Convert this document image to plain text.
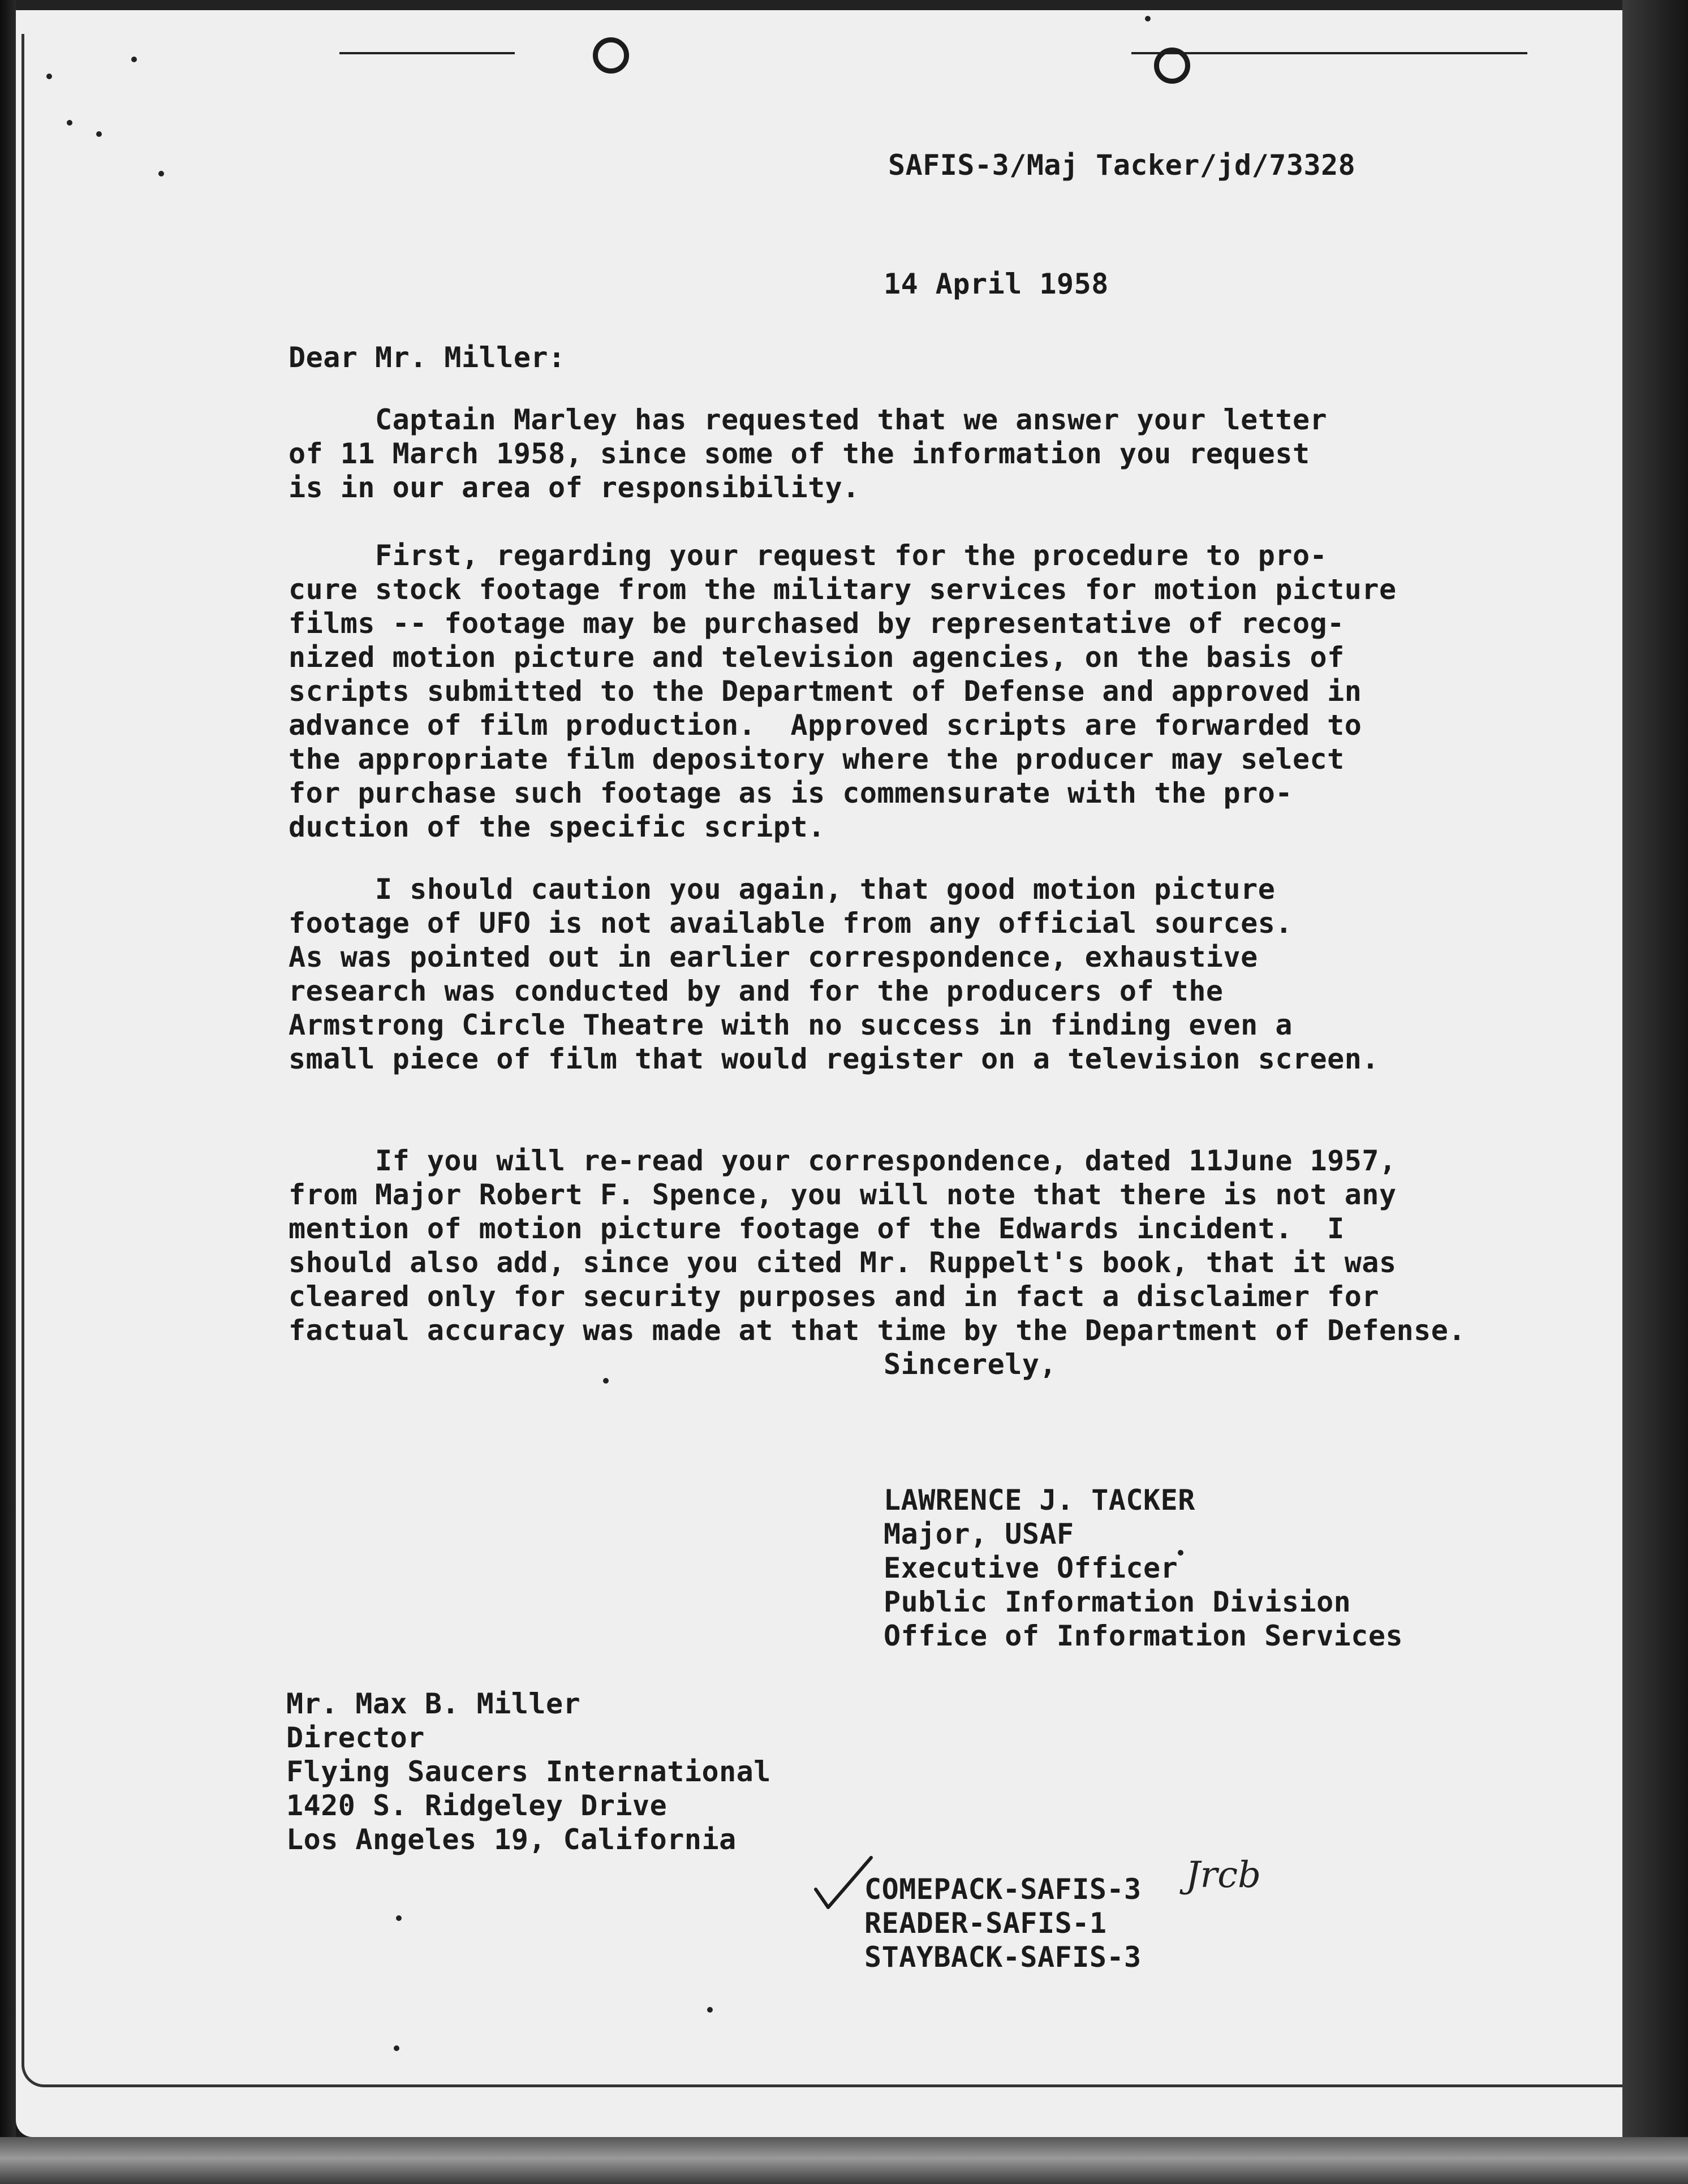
SAFIS-3/Maj Tacker/jd/73328

14 April 1958

Dear Mr. Miller:

Captain Marley has requested that we answer your letter

of 11 March 1958, since some of the information you request

is in our area of responsibility.

First, regarding your request for the procedure to pro-

cure stock footage from the military services for motion picture

films -- footage may be purchased by representative of recog-

nized motion picture and television agencies, on the basis of

scripts submitted to the Department of Defense and approved in

advance of film production.  Approved scripts are forwarded to

the appropriate film depository where the producer may select

for purchase such footage as is commensurate with the pro-

duction of the specific script.

I should caution you again, that good motion picture

footage of UFO is not available from any official sources.

As was pointed out in earlier correspondence, exhaustive

research was conducted by and for the producers of the

Armstrong Circle Theatre with no success in finding even a

small piece of film that would register on a television screen.

If you will re-read your correspondence, dated 11June 1957,

from Major Robert F. Spence, you will note that there is not any

mention of motion picture footage of the Edwards incident.  I

should also add, since you cited Mr. Ruppelt's book, that it was

cleared only for security purposes and in fact a disclaimer for

factual accuracy was made at that time by the Department of Defense.

Sincerely,

LAWRENCE J. TACKER

Major, USAF

Executive Officer

Public Information Division

Office of Information Services

Mr. Max B. Miller

Director

Flying Saucers International

1420 S. Ridgeley Drive

Los Angeles 19, California

COMEPACK-SAFIS-3

READER-SAFIS-1

STAYBACK-SAFIS-3

Jrcb
